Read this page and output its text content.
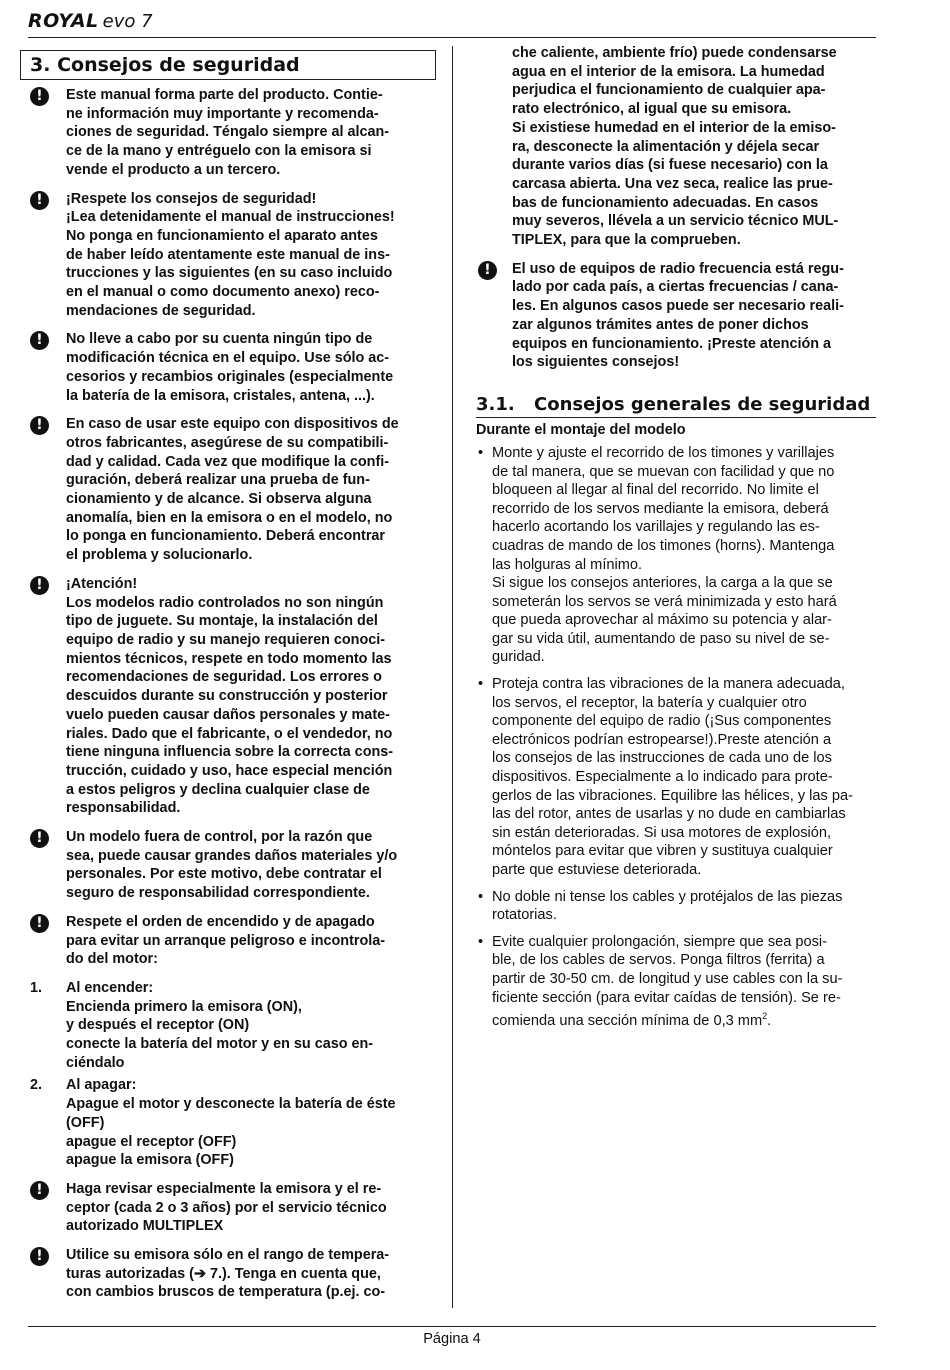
ROYAL evo 7
3. Consejos de seguridad
!	Este manual forma parte del producto. Contie-
ne información muy importante y recomenda-
ciones de seguridad. Téngalo siempre al alcan-
ce de la mano y entréguelo con la emisora si
vende el producto a un tercero.
!	¡Respete los consejos de seguridad!
¡Lea detenidamente el manual de instrucciones!
No ponga en funcionamiento el aparato antes
de haber leído atentamente este manual de ins-
trucciones y las siguientes (en su caso incluido
en el manual o como documento anexo) reco-
mendaciones de seguridad.
!	No lleve a cabo por su cuenta ningún tipo de
modificación técnica en el equipo. Use sólo ac-
cesorios y recambios originales (especialmente
la batería de la emisora, cristales, antena, ...).
!	En caso de usar este equipo con dispositivos de
otros fabricantes, asegúrese de su compatibili-
dad y calidad. Cada vez que modifique la confi-
guración, deberá realizar una prueba de fun-
cionamiento y de alcance. Si observa alguna
anomalía, bien en la emisora o en el modelo, no
lo ponga en funcionamiento. Deberá encontrar
el problema y solucionarlo.
!	¡Atención!
Los modelos radio controlados no son ningún
tipo de juguete. Su montaje, la instalación del
equipo de radio y su manejo requieren conoci-
mientos técnicos, respete en todo momento las
recomendaciones de seguridad. Los errores o
descuidos durante su construcción y posterior
vuelo pueden causar daños personales y mate-
riales. Dado que el fabricante, o el vendedor, no
tiene ninguna influencia sobre la correcta cons-
trucción, cuidado y uso, hace especial mención
a estos peligros y declina cualquier clase de
responsabilidad.
!	Un modelo fuera de control, por la razón que
sea, puede causar grandes daños materiales y/o
personales. Por este motivo, debe contratar el
seguro de responsabilidad correspondiente.
!	Respete el orden de encendido y de apagado
para evitar un arranque peligroso e incontrola-
do del motor:
1. Al encender:
Encienda primero la emisora (ON),
y después el receptor (ON)
conecte la batería del motor y en su caso en-
ciéndalo
2. Al apagar:
Apague el motor y desconecte la batería de éste
(OFF)
apague el receptor (OFF)
apague la emisora (OFF)
!	Haga revisar especialmente la emisora y el re-
ceptor (cada 2 o 3 años) por el servicio técnico
autorizado MULTIPLEX
!	Utilice su emisora sólo en el rango de tempera-
turas autorizadas (➔ 7.). Tenga en cuenta que,
con cambios bruscos de temperatura (p.ej. co-
che caliente, ambiente frío) puede condensarse
agua en el interior de la emisora. La humedad
perjudica el funcionamiento de cualquier apa-
rato electrónico, al igual que su emisora.
Si existiese humedad en el interior de la emiso-
ra, desconecte la alimentación y déjela secar
durante varios días (si fuese necesario) con la
carcasa abierta. Una vez seca, realice las prue-
bas de funcionamiento adecuadas. En casos
muy severos, llévela a un servicio técnico MUL-
TIPLEX, para que la comprueben.
!	El uso de equipos de radio frecuencia está regu-
lado por cada país, a ciertas frecuencias / cana-
les. En algunos casos puede ser necesario reali-
zar algunos trámites antes de poner dichos
equipos en funcionamiento. ¡Preste atención a
los siguientes consejos!
3.1. Consejos generales de seguridad
Durante el montaje del modelo
• Monte y ajuste el recorrido de los timones y varillajes
de tal manera, que se muevan con facilidad y que no
bloqueen al llegar al final del recorrido. No limite el
recorrido de los servos mediante la emisora, deberá
hacerlo acortando los varillajes y regulando las es-
cuadras de mando de los timones (horns). Mantenga
las holguras al mínimo.
Si sigue los consejos anteriores, la carga a la que se
someterán los servos se verá minimizada y esto hará
que pueda aprovechar al máximo su potencia y alar-
gar su vida útil, aumentando de paso su nivel de se-
guridad.
• Proteja contra las vibraciones de la manera adecuada,
los servos, el receptor, la batería y cualquier otro
componente del equipo de radio (¡Sus componentes
electrónicos podrían estropearse!).Preste atención a
los consejos de las instrucciones de cada uno de los
dispositivos. Especialmente a lo indicado para prote-
gerlos de las vibraciones. Equilibre las hélices, y las pa-
las del rotor, antes de usarlas y no dude en cambiarlas
sin están deterioradas. Si usa motores de explosión,
móntelos para evitar que vibren y sustituya cualquier
parte que estuviese deteriorada.
• No doble ni tense los cables y protéjalos de las piezas
rotatorias.
• Evite cualquier prolongación, siempre que sea posi-
ble, de los cables de servos. Ponga filtros (ferrita) a
partir de 30-50 cm. de longitud y use cables con la su-
ficiente sección (para evitar caídas de tensión). Se re-
comienda una sección mínima de 0,3 $mm^2$.
Página 4
